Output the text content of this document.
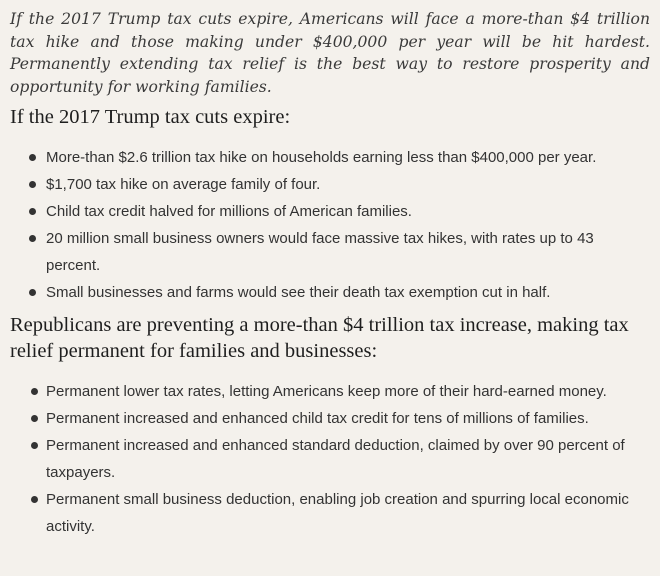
If the 2017 Trump tax cuts expire, Americans will face a more-than $4 trillion tax hike and those making under $400,000 per year will be hit hardest. Permanently extending tax relief is the best way to restore prosperity and opportunity for working families.

If the 2017 Trump tax cuts expire:
More-than $2.6 trillion tax hike on households earning less than $400,000 per year.
$1,700 tax hike on average family of four.
Child tax credit halved for millions of American families.
20 million small business owners would face massive tax hikes, with rates up to 43 percent.
Small businesses and farms would see their death tax exemption cut in half.
Republicans are preventing a more-than $4 trillion tax increase, making tax relief permanent for families and businesses:
Permanent lower tax rates, letting Americans keep more of their hard-earned money.
Permanent increased and enhanced child tax credit for tens of millions of families.
Permanent increased and enhanced standard deduction, claimed by over 90 percent of taxpayers.
Permanent small business deduction, enabling job creation and spurring local economic activity.
